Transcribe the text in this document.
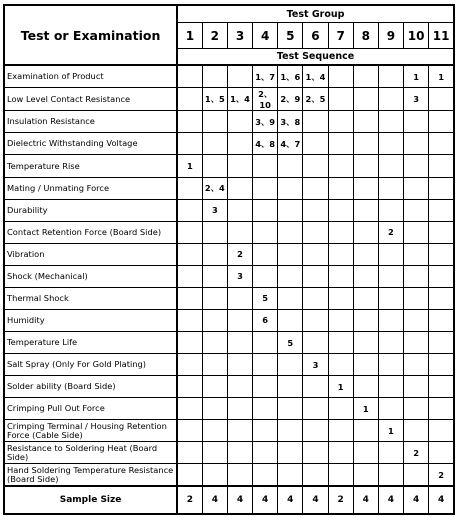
Test or Examination	Test Group										
	1	2	3	4	5	6	7	8	9	10	11
	Test Sequence										
Examination of Product				1、7	1、6	1、4				1	1
Low Level Contact Resistance		1、5	1、4	2、10	2、9	2、5				3	
Insulation Resistance				3、9	3、8						
Dielectric Withstanding Voltage				4、8	4、7						
Temperature Rise	1										
Mating / Unmating Force		2、4									
Durability		3									
Contact Retention Force (Board Side)									2		
Vibration			2								
Shock (Mechanical)			3								
Thermal Shock				5							
Humidity				6							
Temperature Life					5						
Salt Spray (Only For Gold Plating)						3					
Solder ability (Board Side)							1				
Crimping Pull Out Force								1			
Crimping Terminal / Housing Retention Force (Cable Side)									1		
Resistance to Soldering Heat (Board Side)										2	
Hand Soldering Temperature Resistance (Board Side)											2
Sample Size	2	4	4	4	4	4	2	4	4	4	4
